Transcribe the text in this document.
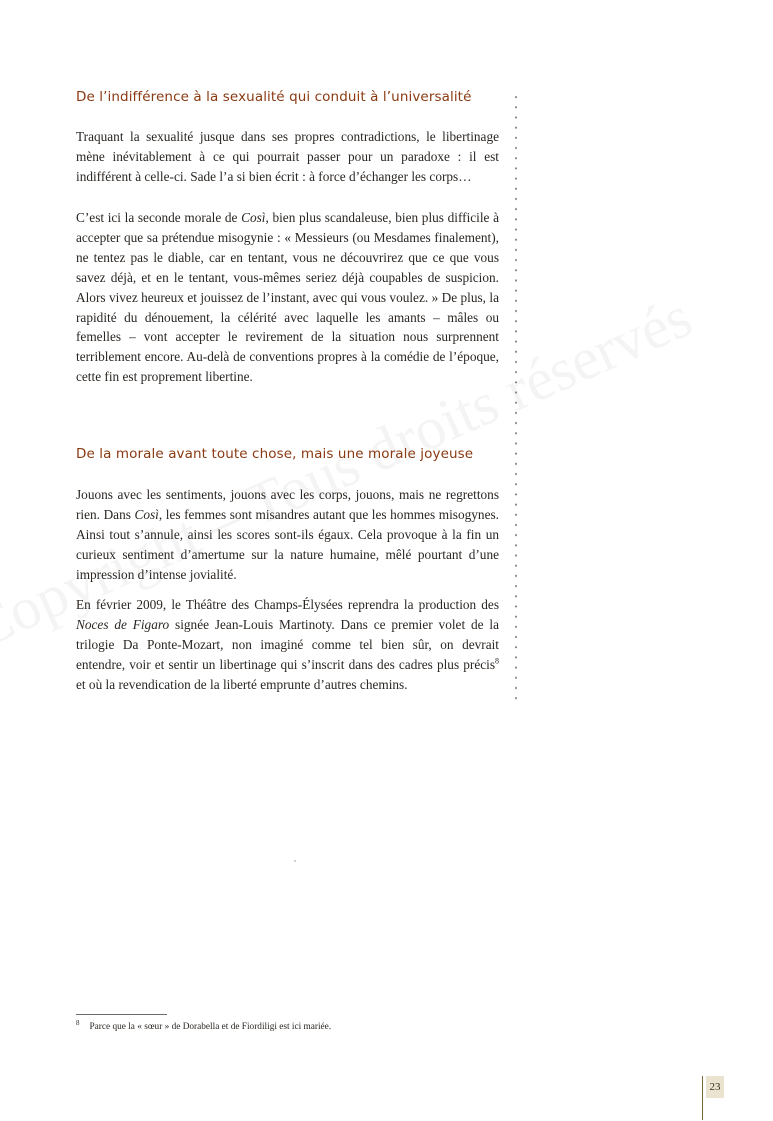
De l’indifférence à la sexualité qui conduit à l’universalité

Traquant la sexualité jusque dans ses propres contradictions, le libertinage mène inévitablement à ce qui pourrait passer pour un paradoxe : il est indifférent à celle-ci. Sade l’a si bien écrit : à force d’échanger les corps…

C’est ici la seconde morale de Così, bien plus scandaleuse, bien plus difficile à accepter que sa prétendue misogynie : « Messieurs (ou Mesdames finalement), ne tentez pas le diable, car en tentant, vous ne découvrirez que ce que vous savez déjà, et en le tentant, vous-mêmes seriez déjà coupables de suspicion. Alors vivez heureux et jouissez de l’instant, avec qui vous voulez. » De plus, la rapidité du dénouement, la célérité avec laquelle les amants – mâles ou femelles – vont accepter le revirement de la situation nous surprennent terriblement encore. Au-delà de conventions propres à la comédie de l’époque, cette fin est proprement libertine.

De la morale avant toute chose, mais une morale joyeuse

Jouons avec les sentiments, jouons avec les corps, jouons, mais ne regrettons rien. Dans Così, les femmes sont misandres autant que les hommes misogynes. Ainsi tout s’annule, ainsi les scores sont-ils égaux. Cela provoque à la fin un curieux sentiment d’amertume sur la nature humaine, mêlé pourtant d’une impression d’intense jovialité.

En février 2009, le Théâtre des Champs-Élysées reprendra la production des Noces de Figaro signée Jean-Louis Martinoty. Dans ce premier volet de la trilogie Da Ponte-Mozart, non imaginé comme tel bien sûr, on devrait entendre, voir et sentir un libertinage qui s’inscrit dans des cadres plus précis$^8$ et où la revendication de la liberté emprunte d’autres chemins.

$^8$ Parce que la « sœur » de Dorabella et de Fiordiligi est ici mariée.
23
